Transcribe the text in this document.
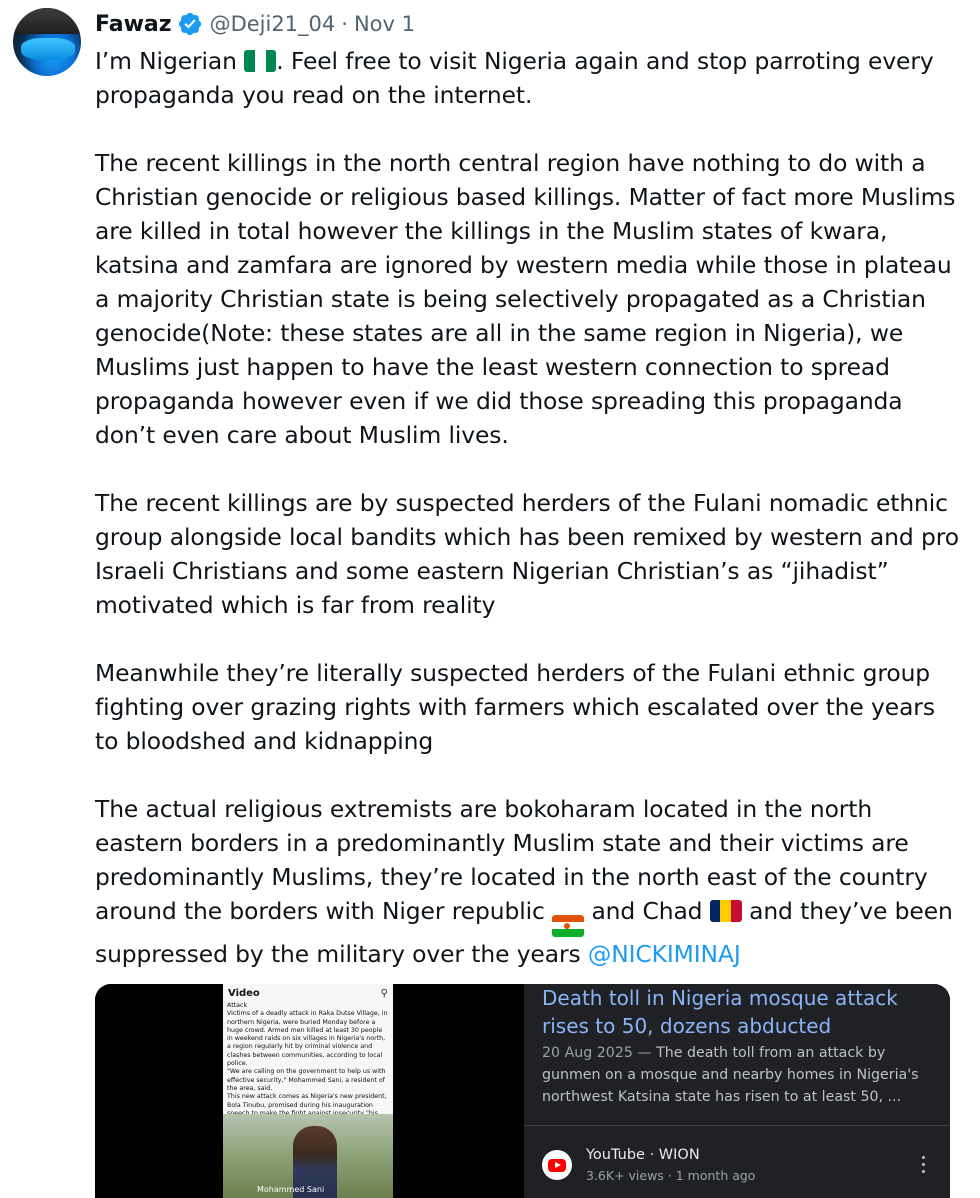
Fawaz @Deji21_04 · Nov 1

I’m Nigerian
. Feel free to visit Nigeria again and stop parroting every propaganda you read on the internet.

The recent killings in the north central region have nothing to do with a Christian genocide or religious based killings. Matter of fact more Muslims are killed in total however the killings in the Muslim states of kwara, katsina and zamfara are ignored by western media while those in plateau a majority Christian state is being selectively propagated as a Christian genocide(Note: these states are all in the same region in Nigeria), we Muslims just happen to have the least western connection to spread propaganda however even if we did those spreading this propaganda don’t even care about Muslim lives.

The recent killings are by suspected herders of the Fulani nomadic ethnic group alongside local bandits which has been remixed by western and pro Israeli Christians and some eastern Nigerian Christian’s as “jihadist” motivated which is far from reality

Meanwhile they’re literally suspected herders of the Fulani ethnic group fighting over grazing rights with farmers which escalated over the years to bloodshed and kidnapping

The actual religious extremists are bokoharam located in the north eastern borders in a predominantly Muslim state and their victims are predominantly Muslims, they’re located in the north east of the country around the borders with Niger republic
and Chad
and they’ve been suppressed by the military over the years @NICKIMINAJ

Video	⚲
Attack
Victims of a deadly attack in Raka Dutse Village, in northern Nigeria, were buried Monday before a huge crowd. Armed men killed at least 30 people in weekend raids on six villages in Nigeria's north, a region regularly hit by criminal violence and clashes between communities, according to local police.
"We are calling on the government to help us with effective security," Mohammed Sani, a resident of the area, said.
This new attack comes as Nigeria's new president, Bola Tinubu, promised during his inauguration
Mohammed Sani
Death toll in Nigeria mosque attack rises to 50, dozens abducted
20 Aug 2025 — The death toll from an attack by gunmen on a mosque and nearby homes in Nigeria's northwest Katsina state has risen to at least 50, ...
YouTube · WION
3.6K+ views · 1 month ago
